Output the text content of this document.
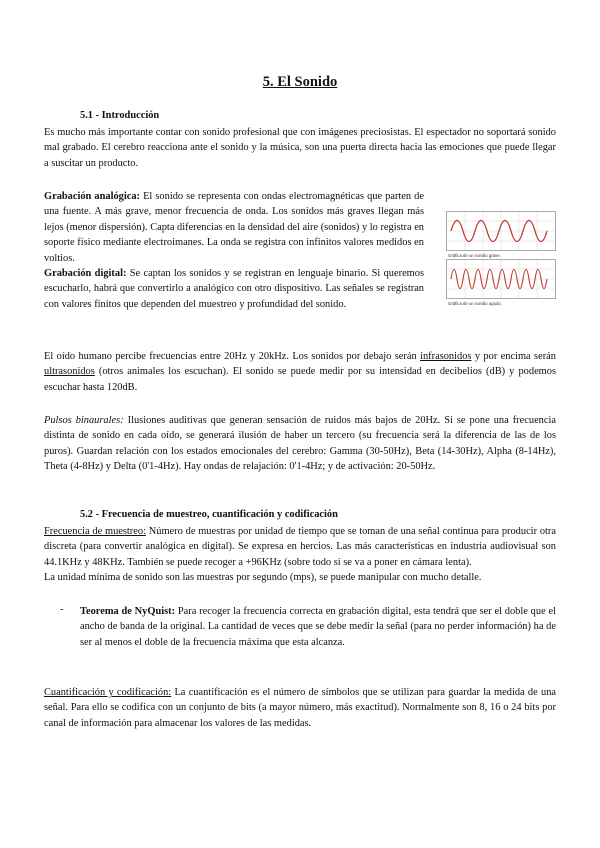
5. El Sonido
5.1 - Introducción

Es mucho más importante contar con sonido profesional que con imágenes preciosistas. El espectador no soportará sonido mal grabado. El cerebro reacciona ante el sonido y la música, son una puerta directa hacia las emociones que puede llegar a suscitar un producto.

Grabación analógica: El sonido se representa con ondas electromagnéticas que parten de una fuente. A más grave, menor frecuencia de onda. Los sonidos más graves llegan más lejos (menor dispersión). Capta diferencias en la densidad del aire (sonidos) y lo registra en soporte físico mediante electroimanes. La onda se registra con infinitos valores medidos en voltios.

Grabación digital: Se captan los sonidos y se registran en lenguaje binario. Si queremos escucharlo, habrá que convertirlo a analógico con otro dispositivo. Las señales se registran con valores finitos que dependen del muestreo y profundidad del sonido.

Gráfica de un sonido grave.
Gráfica de un sonido agudo.

El oído humano percibe frecuencias entre 20Hz y 20kHz. Los sonidos por debajo serán infrasonidos y por encima serán ultrasonidos (otros animales los escuchan). El sonido se puede medir por su intensidad en decibelios (dB) y podemos escuchar hasta 120dB.

Pulsos binaurales: Ilusiones auditivas que generan sensación de ruidos más bajos de 20Hz. Si se pone una frecuencia distinta de sonido en cada oído, se generará ilusión de haber un tercero (su frecuencia será la diferencia de las de los puros). Guardan relación con los estados emocionales del cerebro: Gamma (30-50Hz), Beta (14-30Hz), Alpha (8-14Hz), Theta (4-8Hz) y Delta (0'1-4Hz). Hay ondas de relajación: 0'1-4Hz; y de activación: 20-50Hz.

5.2 - Frecuencia de muestreo, cuantificación y codificación

Frecuencia de muestreo: Número de muestras por unidad de tiempo que se toman de una señal continua para producir otra discreta (para convertir analógica en digital). Se expresa en hercios. Las más características en industria audiovisual son 44.1KHz y 48KHz. También se puede recoger a +96KHz (sobre todo si se va a poner en cámara lenta).

La unidad mínima de sonido son las muestras por segundo (mps), se puede manipular con mucho detalle.

- Teorema de NyQuist: Para recoger la frecuencia correcta en grabación digital, esta tendrá que ser el doble que el ancho de banda de la original. La cantidad de veces que se debe medir la señal (para no perder información) ha de ser al menos el doble de la frecuencia máxima que esta alcanza.

Cuantificación y codificación: La cuantificación es el número de símbolos que se utilizan para guardar la medida de una señal. Para ello se codifica con un conjunto de bits (a mayor número, más exactitud). Normalmente son 8, 16 o 24 bits por canal de información para almacenar los valores de las medidas.
